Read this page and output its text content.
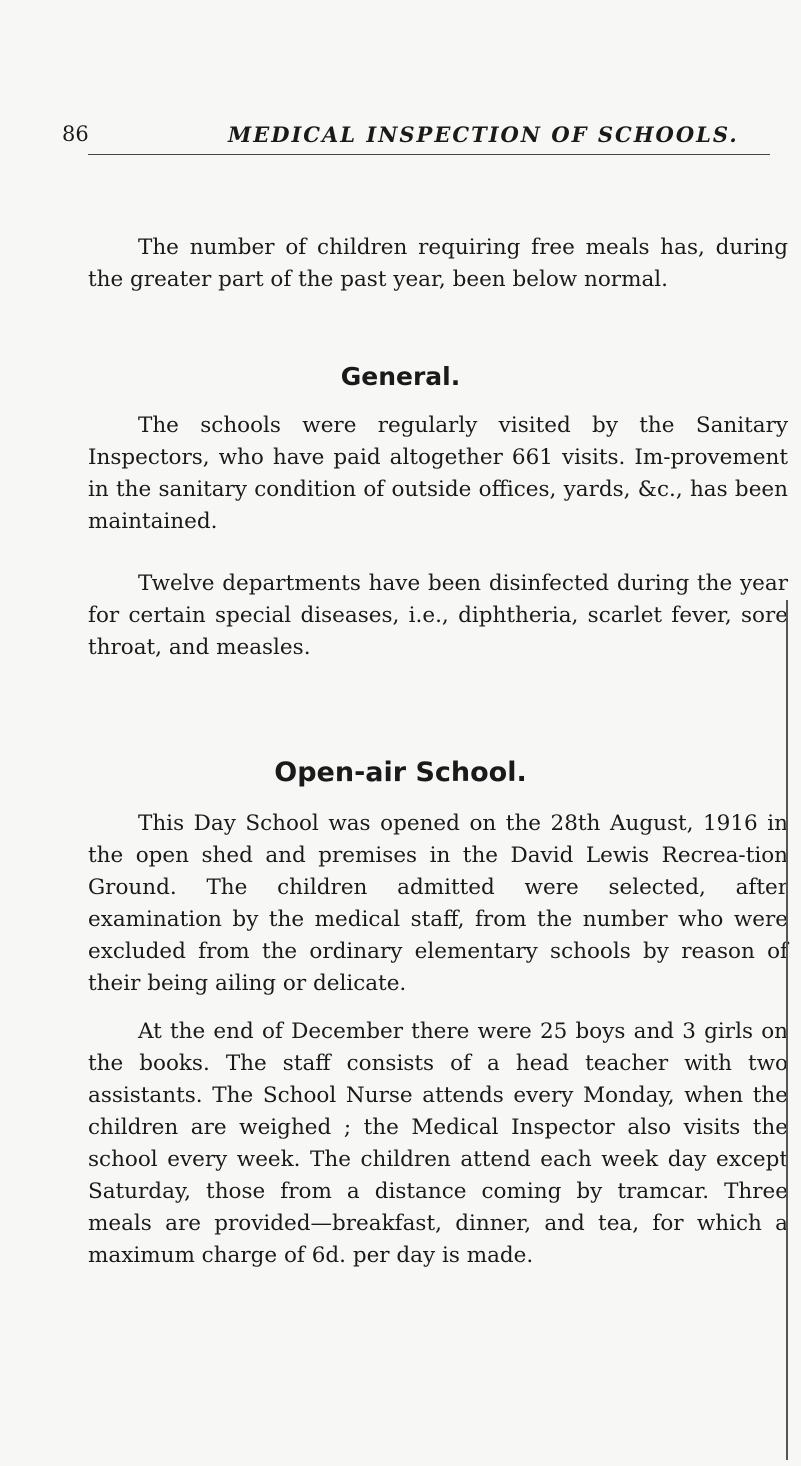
86	MEDICAL INSPECTION OF SCHOOLS.

The number of children requiring free meals has, during the greater part of the past year, been below normal.

General.

The schools were regularly visited by the Sanitary Inspectors, who have paid altogether 661 visits. Im-provement in the sanitary condition of outside offices, yards, &c., has been maintained.

Twelve departments have been disinfected during the year for certain special diseases, i.e., diphtheria, scarlet fever, sore throat, and measles.

Open-air School.

This Day School was opened on the 28th August, 1916 in the open shed and premises in the David Lewis Recrea-tion Ground. The children admitted were selected, after examination by the medical staff, from the number who were excluded from the ordinary elementary schools by reason of their being ailing or delicate.

At the end of December there were 25 boys and 3 girls on the books. The staff consists of a head teacher with two assistants. The School Nurse attends every Monday, when the children are weighed ; the Medical Inspector also visits the school every week. The children attend each week day except Saturday, those from a distance coming by tramcar. Three meals are provided—breakfast, dinner, and tea, for which a maximum charge of 6d. per day is made.
